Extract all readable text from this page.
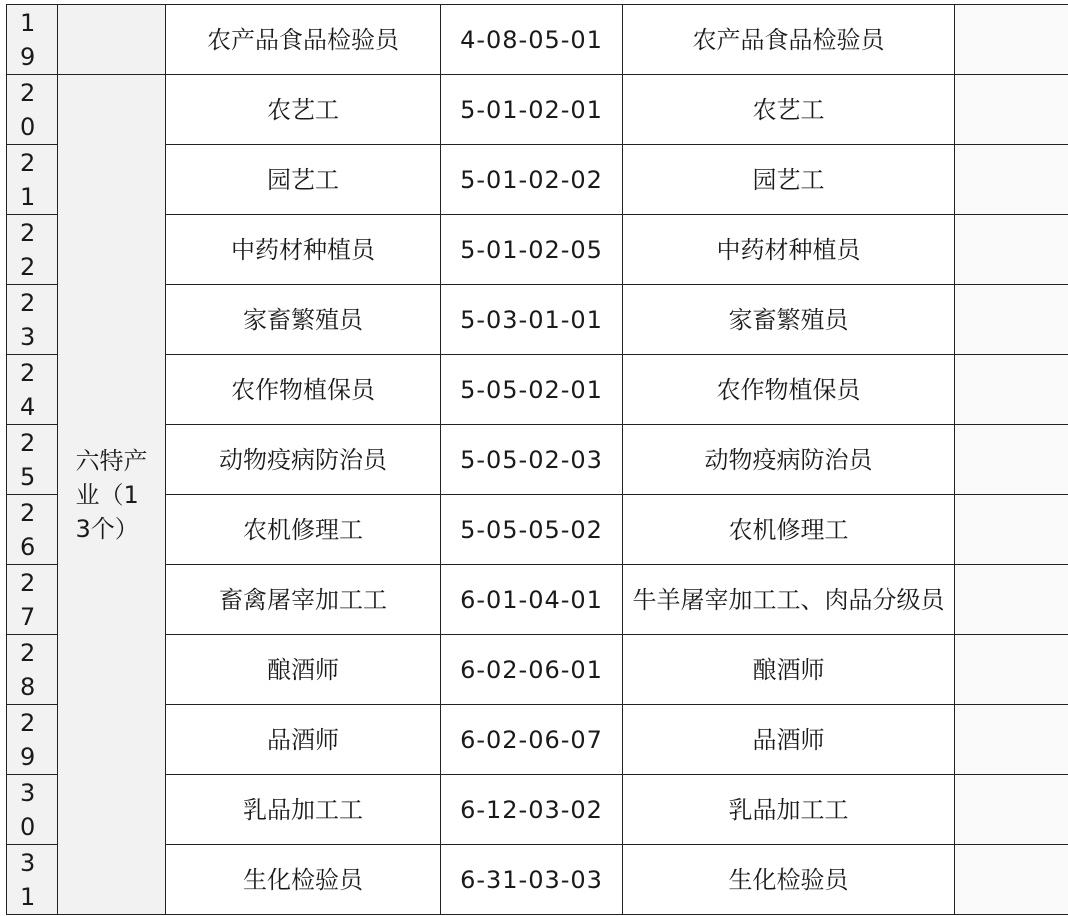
19		农产品食品检验员	4-08-05-01	农产品食品检验员	

20	六特产业（13个）	农艺工	5-01-02-01	农艺工	

21		园艺工	5-01-02-02	园艺工	

22		中药材种植员	5-01-02-05	中药材种植员	

23		家畜繁殖员	5-03-01-01	家畜繁殖员	

24		农作物植保员	5-05-02-01	农作物植保员	

25		动物疫病防治员	5-05-02-03	动物疫病防治员	

26		农机修理工	5-05-05-02	农机修理工	

27		畜禽屠宰加工工	6-01-04-01	牛羊屠宰加工工、肉品分级员	

28		酿酒师	6-02-06-01	酿酒师	

29		品酒师	6-02-06-07	品酒师	

30		乳品加工工	6-12-03-02	乳品加工工	

31		生化检验员	6-31-03-03	生化检验员	
